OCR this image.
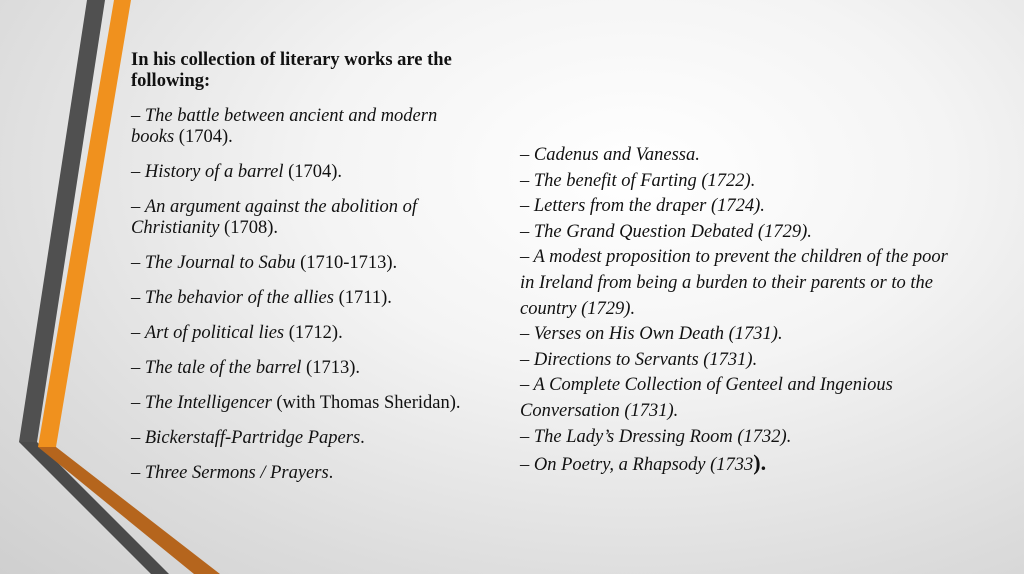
In his collection of literary works are the following:

– The battle between ancient and modern books (1704).

– History of a barrel (1704).

– An argument against the abolition of Christianity (1708).

– The Journal to Sabu (1710-1713).

– The behavior of the allies (1711).

– Art of political lies (1712).

– The tale of the barrel (1713).

– The Intelligencer (with Thomas Sheridan).

– Bickerstaff-Partridge Papers.

– Three Sermons / Prayers.

– Cadenus and Vanessa.

– The benefit of Farting (1722).

– Letters from the draper (1724).

– The Grand Question Debated (1729).

– A modest proposition to prevent the children of the poor in Ireland from being a burden to their parents or to the country (1729).

– Verses on His Own Death (1731).

– Directions to Servants (1731).

– A Complete Collection of Genteel and Ingenious Conversation (1731).

– The Lady’s Dressing Room (1732).

– On Poetry, a Rhapsody (1733).
